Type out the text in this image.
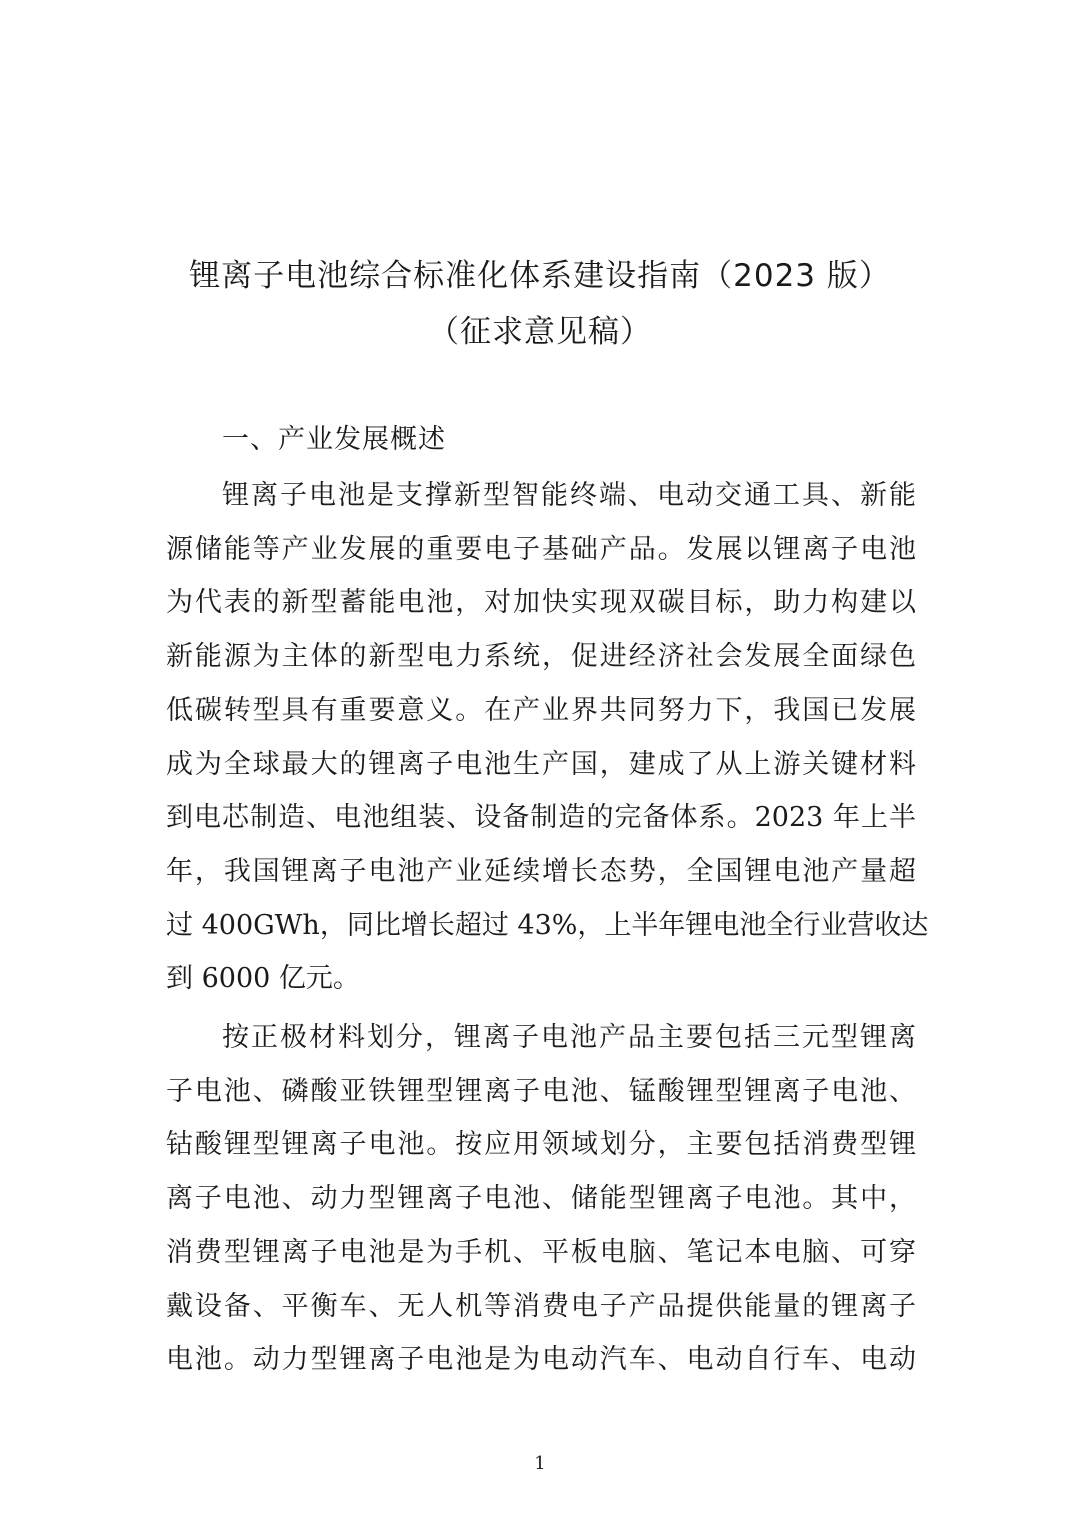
锂离子电池综合标准化体系建设指南（2023 版）
（征求意见稿）
一、产业发展概述

锂离子电池是支撑新型智能终端、电动交通工具、新能

源储能等产业发展的重要电子基础产品。发展以锂离子电池

为代表的新型蓄能电池，对加快实现双碳目标，助力构建以

新能源为主体的新型电力系统，促进经济社会发展全面绿色

低碳转型具有重要意义。在产业界共同努力下，我国已发展

成为全球最大的锂离子电池生产国，建成了从上游关键材料

到电芯制造、电池组装、设备制造的完备体系。2023 年上半

年，我国锂离子电池产业延续增长态势，全国锂电池产量超

过 400GWh，同比增长超过 43%，上半年锂电池全行业营收达

到 6000 亿元。

按正极材料划分，锂离子电池产品主要包括三元型锂离

子电池、磷酸亚铁锂型锂离子电池、锰酸锂型锂离子电池、

钴酸锂型锂离子电池。按应用领域划分，主要包括消费型锂

离子电池、动力型锂离子电池、储能型锂离子电池。其中，

消费型锂离子电池是为手机、平板电脑、笔记本电脑、可穿

戴设备、平衡车、无人机等消费电子产品提供能量的锂离子

电池。动力型锂离子电池是为电动汽车、电动自行车、电动

1
